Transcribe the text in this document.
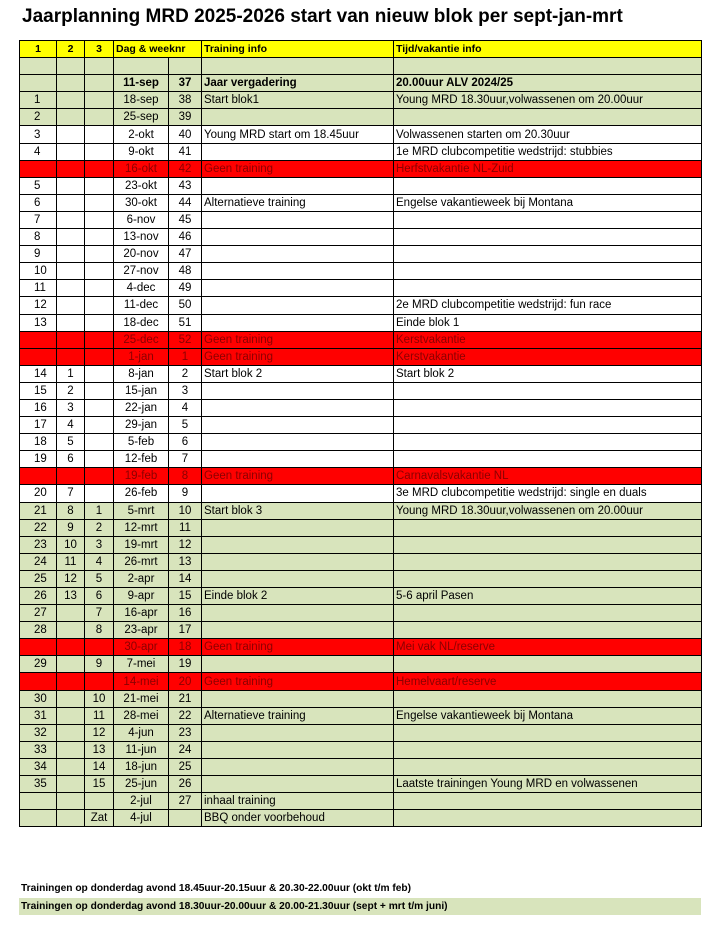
Jaarplanning MRD 2025-2026 start van nieuw blok per sept-jan-mrt
1	2	3	Dag & weeknr		Training info	Tijd/vakantie info

			11-sep	37	Jaar vergadering	20.00uur ALV 2024/25
1			18-sep	38	Start blok1	Young MRD 18.30uur,volwassenen om 20.00uur
2			25-sep	39		
3			2-okt	40	Young MRD start om 18.45uur	Volwassenen starten om 20.30uur
4			9-okt	41		1e MRD clubcompetitie wedstrijd: stubbies
			16-okt	42	Geen training	Herfstvakantie NL-Zuid
5			23-okt	43		
6			30-okt	44	Alternatieve training	Engelse vakantieweek bij Montana
7			6-nov	45		
8			13-nov	46		
9			20-nov	47		
10			27-nov	48		
11			4-dec	49		
12			11-dec	50		2e MRD clubcompetitie wedstrijd: fun race
13			18-dec	51		Einde blok 1
			25-dec	52	Geen training	Kerstvakantie
			1-jan	1	Geen training	Kerstvakantie
14	1		8-jan	2	Start blok 2	Start blok 2
15	2		15-jan	3		
16	3		22-jan	4		
17	4		29-jan	5		
18	5		5-feb	6		
19	6		12-feb	7		
			19-feb	8	Geen training	Carnavalsvakantie NL
20	7		26-feb	9		3e MRD clubcompetitie wedstrijd: single en duals
21	8	1	5-mrt	10	Start blok 3	Young MRD 18.30uur,volwassenen om 20.00uur
22	9	2	12-mrt	11		
23	10	3	19-mrt	12		
24	11	4	26-mrt	13		
25	12	5	2-apr	14		
26	13	6	9-apr	15	Einde blok 2	5-6 april Pasen
27		7	16-apr	16		
28		8	23-apr	17		
			30-apr	18	Geen training	Mei vak NL/reserve
29		9	7-mei	19		
			14-mei	20	Geen training	Hemelvaart/reserve
30		10	21-mei	21		
31		11	28-mei	22	Alternatieve training	Engelse vakantieweek bij Montana
32		12	4-jun	23		
33		13	11-jun	24		
34		14	18-jun	25		
35		15	25-jun	26		Laatste trainingen Young MRD en volwassenen
			2-jul	27	inhaal training	
		Zat	4-jul		BBQ onder voorbehoud	
Trainingen op donderdag avond 18.45uur-20.15uur & 20.30-22.00uur (okt t/m feb)
Trainingen op donderdag avond 18.30uur-20.00uur & 20.00-21.30uur (sept + mrt t/m juni)
